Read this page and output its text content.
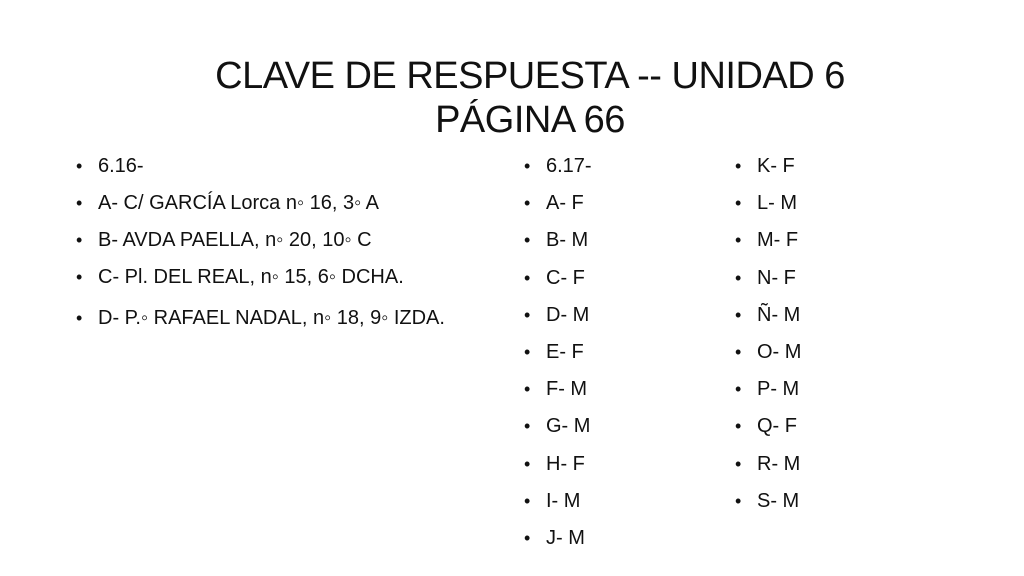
CLAVE DE RESPUESTA -- UNIDAD 6
PÁGINA 66
• 6.16-
• A- C/ GARCÍA Lorca n◦ 16, 3◦ A
• B- AVDA PAELLA, n◦ 20, 10◦ C
• C- Pl. DEL REAL, n◦ 15, 6◦ DCHA.
• D- P.◦ RAFAEL NADAL, n◦ 18, 9◦ IZDA.
• 6.17-
• A- F
• B- M
• C- F
• D- M
• E- F
• F- M
• G- M
• H- F
• I- M
• J- M
• K- F
• L- M
• M- F
• N- F
• Ñ- M
• O- M
• P- M
• Q- F
• R- M
• S- M
